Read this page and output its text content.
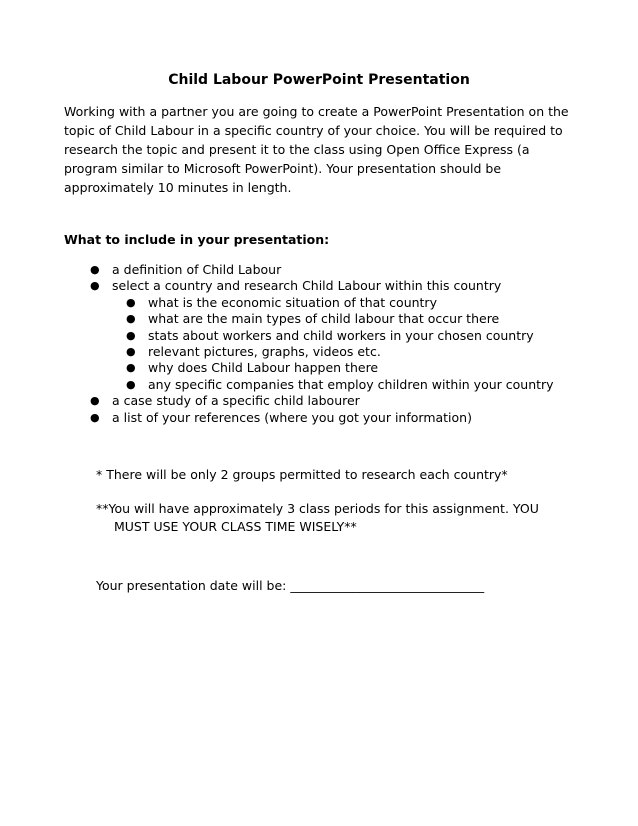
Child Labour PowerPoint Presentation
Working with a partner you are going to create a PowerPoint Presentation on the topic of Child Labour in a specific country of your choice. You will be required to research the topic and present it to the class using Open Office Express (a program similar to Microsoft PowerPoint). Your presentation should be approximately 10 minutes in length.
What to include in your presentation:
● a definition of Child Labour
● select a country and research Child Labour within this country
● what is the economic situation of that country
● what are the main types of child labour that occur there
● stats about workers and child workers in your chosen country
● relevant pictures, graphs, videos etc.
● why does Child Labour happen there
● any specific companies that employ children within your country
● a case study of a specific child labourer
● a list of your references (where you got your information)
* There will be only 2 groups permitted to research each country*
**You will have approximately 3 class periods for this assignment. YOU
MUST USE YOUR CLASS TIME WISELY**
Your presentation date will be: _______________________________
